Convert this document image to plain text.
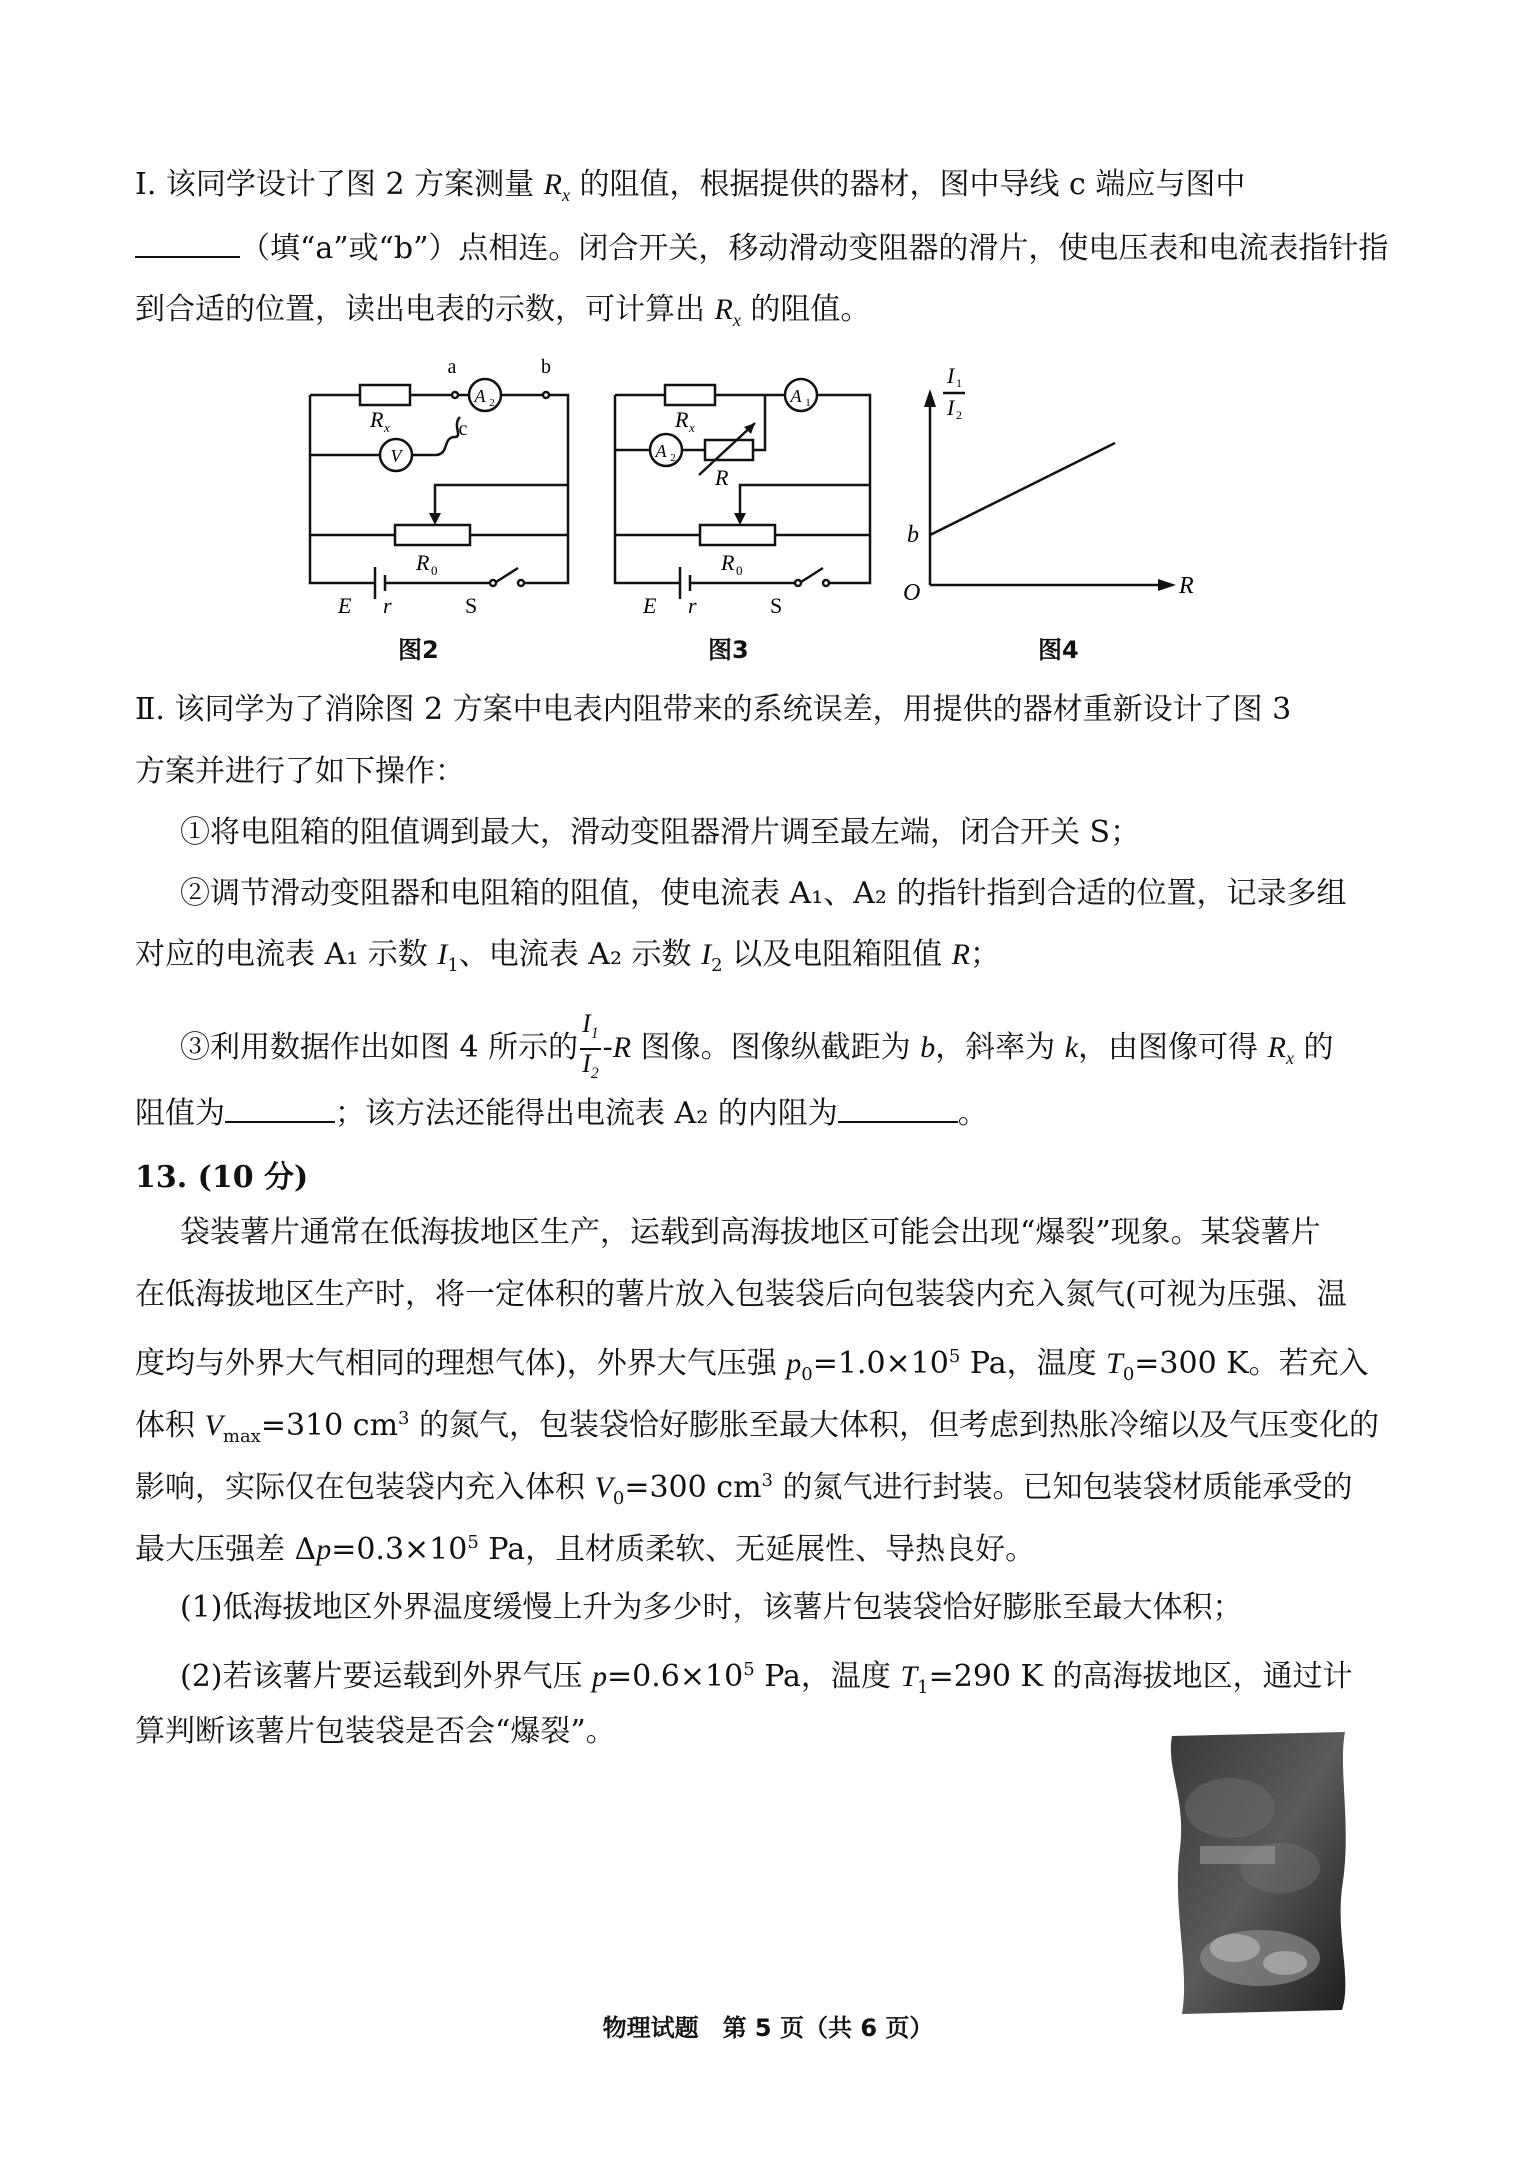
Ⅰ. 该同学设计了图 2 方案测量 $R_x$ 的阻值，根据提供的器材，图中导线 c 端应与图中
（填“a”或“b”）点相连。闭合开关，移动滑动变阻器的滑片，使电压表和电流表指针指
到合适的位置，读出电表的示数，可计算出 $R_x$ 的阻值。
a	b
c
A 2
V
R x
R 0
E r	S
图2
A 1
A 2
R x
R
R 0
E r	S
图3
I 1
I 2
b
O	R
图4
Ⅱ. 该同学为了消除图 2 方案中电表内阻带来的系统误差，用提供的器材重新设计了图 3
方案并进行了如下操作：
①将电阻箱的阻值调到最大，滑动变阻器滑片调至最左端，闭合开关 S；
②调节滑动变阻器和电阻箱的阻值，使电流表 A₁、A₂ 的指针指到合适的位置，记录多组
对应的电流表 A₁ 示数 $I_1$、电流表 A₂ 示数 $I_2$ 以及电阻箱阻值 R；
③利用数据作出如图 4 所示的 $\frac{I_1}{I_2} -R$ 图像。图像纵截距为 b，斜率为 k，由图像可得 $R_x$ 的
阻值为	；该方法还能得出电流表 A₂ 的内阻为	。
13. (10 分)
袋装薯片通常在低海拔地区生产，运载到高海拔地区可能会出现“爆裂”现象。某袋薯片
在低海拔地区生产时，将一定体积的薯片放入包装袋后向包装袋内充入氮气(可视为压强、温
度均与外界大气相同的理想气体)，外界大气压强 $p_0=1.0\times 10^5$ Pa，温度 $T_0=300$ K。若充入
体积 $V_{max}=310$ $cm^3$ 的氮气，包装袋恰好膨胀至最大体积，但考虑到热胀冷缩以及气压变化的
影响，实际仅在包装袋内充入体积 $V_0=300$ $cm^3$ 的氮气进行封装。已知包装袋材质能承受的
最大压强差 $\Delta p=0.3\times 10^5$ Pa，且材质柔软、无延展性、导热良好。
(1)低海拔地区外界温度缓慢上升为多少时，该薯片包装袋恰好膨胀至最大体积；
(2)若该薯片要运载到外界气压 $p=0.6\times 10^5$ Pa，温度 $T_1=290$ K 的高海拔地区，通过计
算判断该薯片包装袋是否会“爆裂”。
物理试题　第 5 页（共 6 页）
